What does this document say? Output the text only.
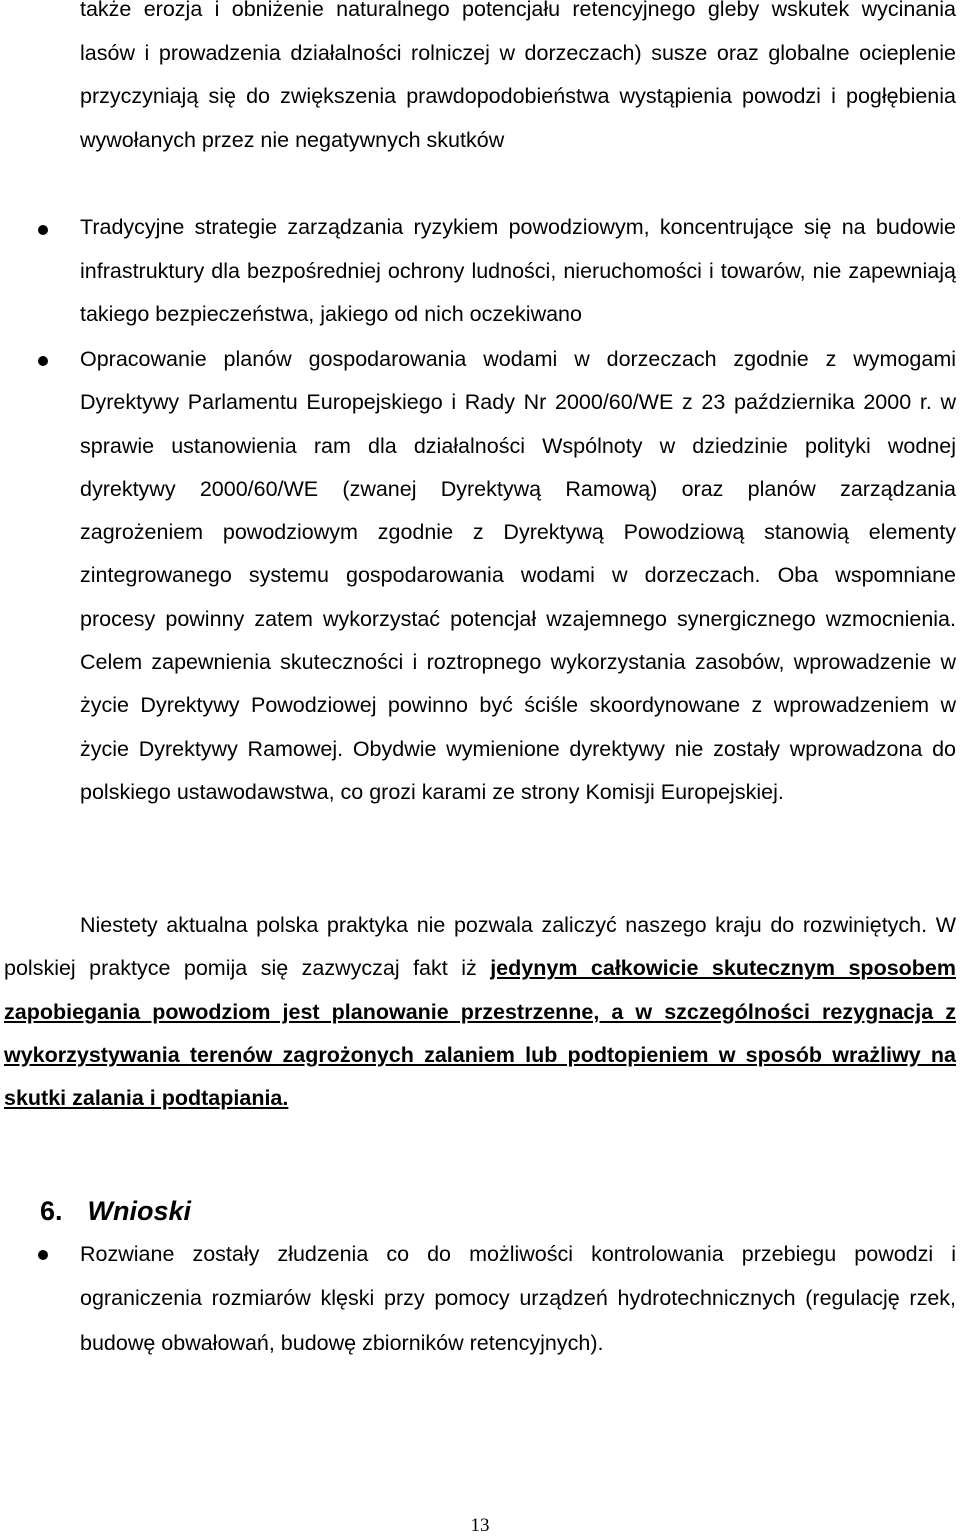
także erozja i obniżenie naturalnego potencjału retencyjnego gleby wskutek wycinania lasów i prowadzenia działalności rolniczej w dorzeczach) susze oraz globalne ocieplenie przyczyniają się do zwiększenia prawdopodobieństwa wystąpienia powodzi i pogłębienia wywołanych przez nie negatywnych skutków

Tradycyjne strategie zarządzania ryzykiem powodziowym, koncentrujące się na budowie infrastruktury dla bezpośredniej ochrony ludności, nieruchomości i towarów, nie zapewniają takiego bezpieczeństwa, jakiego od nich oczekiwano

Opracowanie planów gospodarowania wodami w dorzeczach zgodnie z wymogami Dyrektywy Parlamentu Europejskiego i Rady Nr 2000/60/WE z 23 października 2000 r. w sprawie ustanowienia ram dla działalności Wspólnoty w dziedzinie polityki wodnej dyrektywy 2000/60/WE (zwanej Dyrektywą Ramową) oraz planów zarządzania zagrożeniem powodziowym zgodnie z Dyrektywą Powodziową stanowią elementy zintegrowanego systemu gospodarowania wodami w dorzeczach. Oba wspomniane procesy powinny zatem wykorzystać potencjał wzajemnego synergicznego wzmocnienia. Celem zapewnienia skuteczności i roztropnego wykorzystania zasobów, wprowadzenie w życie Dyrektywy Powodziowej powinno być ściśle skoordynowane z wprowadzeniem w życie Dyrektywy Ramowej. Obydwie wymienione dyrektywy nie zostały wprowadzona do polskiego ustawodawstwa, co grozi karami ze strony Komisji Europejskiej.

Niestety aktualna polska praktyka nie pozwala zaliczyć naszego kraju do rozwiniętych. W polskiej praktyce pomija się zazwyczaj fakt iż jedynym całkowicie skutecznym sposobem zapobiegania powodziom jest planowanie przestrzenne, a w szczególności rezygnacja z wykorzystywania terenów zagrożonych zalaniem lub podtopieniem w sposób wrażliwy na skutki zalania i podtapiania.

6. Wnioski

Rozwiane zostały złudzenia co do możliwości kontrolowania przebiegu powodzi i ograniczenia rozmiarów klęski przy pomocy urządzeń hydrotechnicznych (regulację rzek, budowę obwałowań, budowę zbiorników retencyjnych).

13
